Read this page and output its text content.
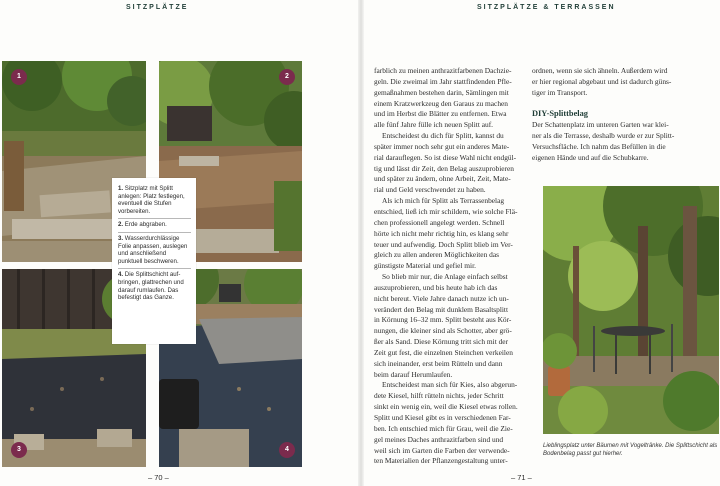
SITZPLÄTZE
1	2
3	4
1. Sitzplatz mit Splitt anlegen: Platz festlegen, eventuell die Stufen vorbereiten.
2. Erde abgraben.
3. Wasserdurchlässige Folie anpassen, auslegen und anschließend punktuell beschweren.
4. Die Splittschicht aufbringen, glattrechen und darauf rumlaufen. Das befestigt das Ganze.
– 70 –
SITZPLÄTZE & TERRASSEN

farblich zu meinen anthrazitfarbenen Dachzie-
geln. Die zweimal im Jahr stattfindenden Pfle-
gemaßnahmen bestehen darin, Sämlingen mit
einem Kratzwerkzeug den Garaus zu machen
und im Herbst die Blätter zu entfernen. Etwa
alle fünf Jahre fülle ich neuen Splitt auf.

Entscheidest du dich für Splitt, kannst du
später immer noch sehr gut ein anderes Mate-
rial darauflegen. So ist diese Wahl nicht endgül-
tig und lässt dir Zeit, den Belag auszuprobieren
und später zu ändern, ohne Arbeit, Zeit, Mate-
rial und Geld verschwendet zu haben.

Als ich mich für Splitt als Terrassenbelag
entschied, ließ ich mir schildern, wie solche Flä-
chen professionell angelegt werden. Schnell
hörte ich nicht mehr richtig hin, es klang sehr
teuer und aufwendig. Doch Splitt blieb im Ver-
gleich zu allen anderen Möglichkeiten das
günstigste Material und gefiel mir.

So blieb mir nur, die Anlage einfach selbst
auszuprobieren, und bis heute hab ich das
nicht bereut. Viele Jahre danach nutze ich un-
verändert den Belag mit dunklem Basaltsplitt
in Körnung 16–32 mm. Splitt besteht aus Kör-
nungen, die kleiner sind als Schotter, aber grö-
ßer als Sand. Diese Körnung tritt sich mit der
Zeit gut fest, die einzelnen Steinchen verkeilen
sich ineinander, erst beim Rütteln und dann
beim darauf Herumlaufen.

Entscheidest man sich für Kies, also abgerun-
dete Kiesel, hilft rütteln nichts, jeder Schritt
sinkt ein wenig ein, weil die Kiesel etwas rollen.
Splitt und Kiesel gibt es in verschiedenen Far-
ben. Ich entschied mich für Grau, weil die Zie-
gel meines Daches anthrazitfarben sind und
weil sich im Garten die Farben der verwende-
ten Materialien der Pflanzengestaltung unter-

ordnen, wenn sie sich ähneln. Außerdem wird
er hier regional abgebaut und ist dadurch güns-
tiger im Transport.
DIY-Splittbelag
Der Schattenplatz im unteren Garten war klei-
ner als die Terrasse, deshalb wurde er zur Splitt-
Versuchsfläche. Ich nahm das Befüllen in die
eigenen Hände und auf die Schubkarre.
Lieblingsplatz unter Bäumen mit Vogeltränke. Die Splittschicht als Bodenbelag passt gut hierher.
– 71 –
